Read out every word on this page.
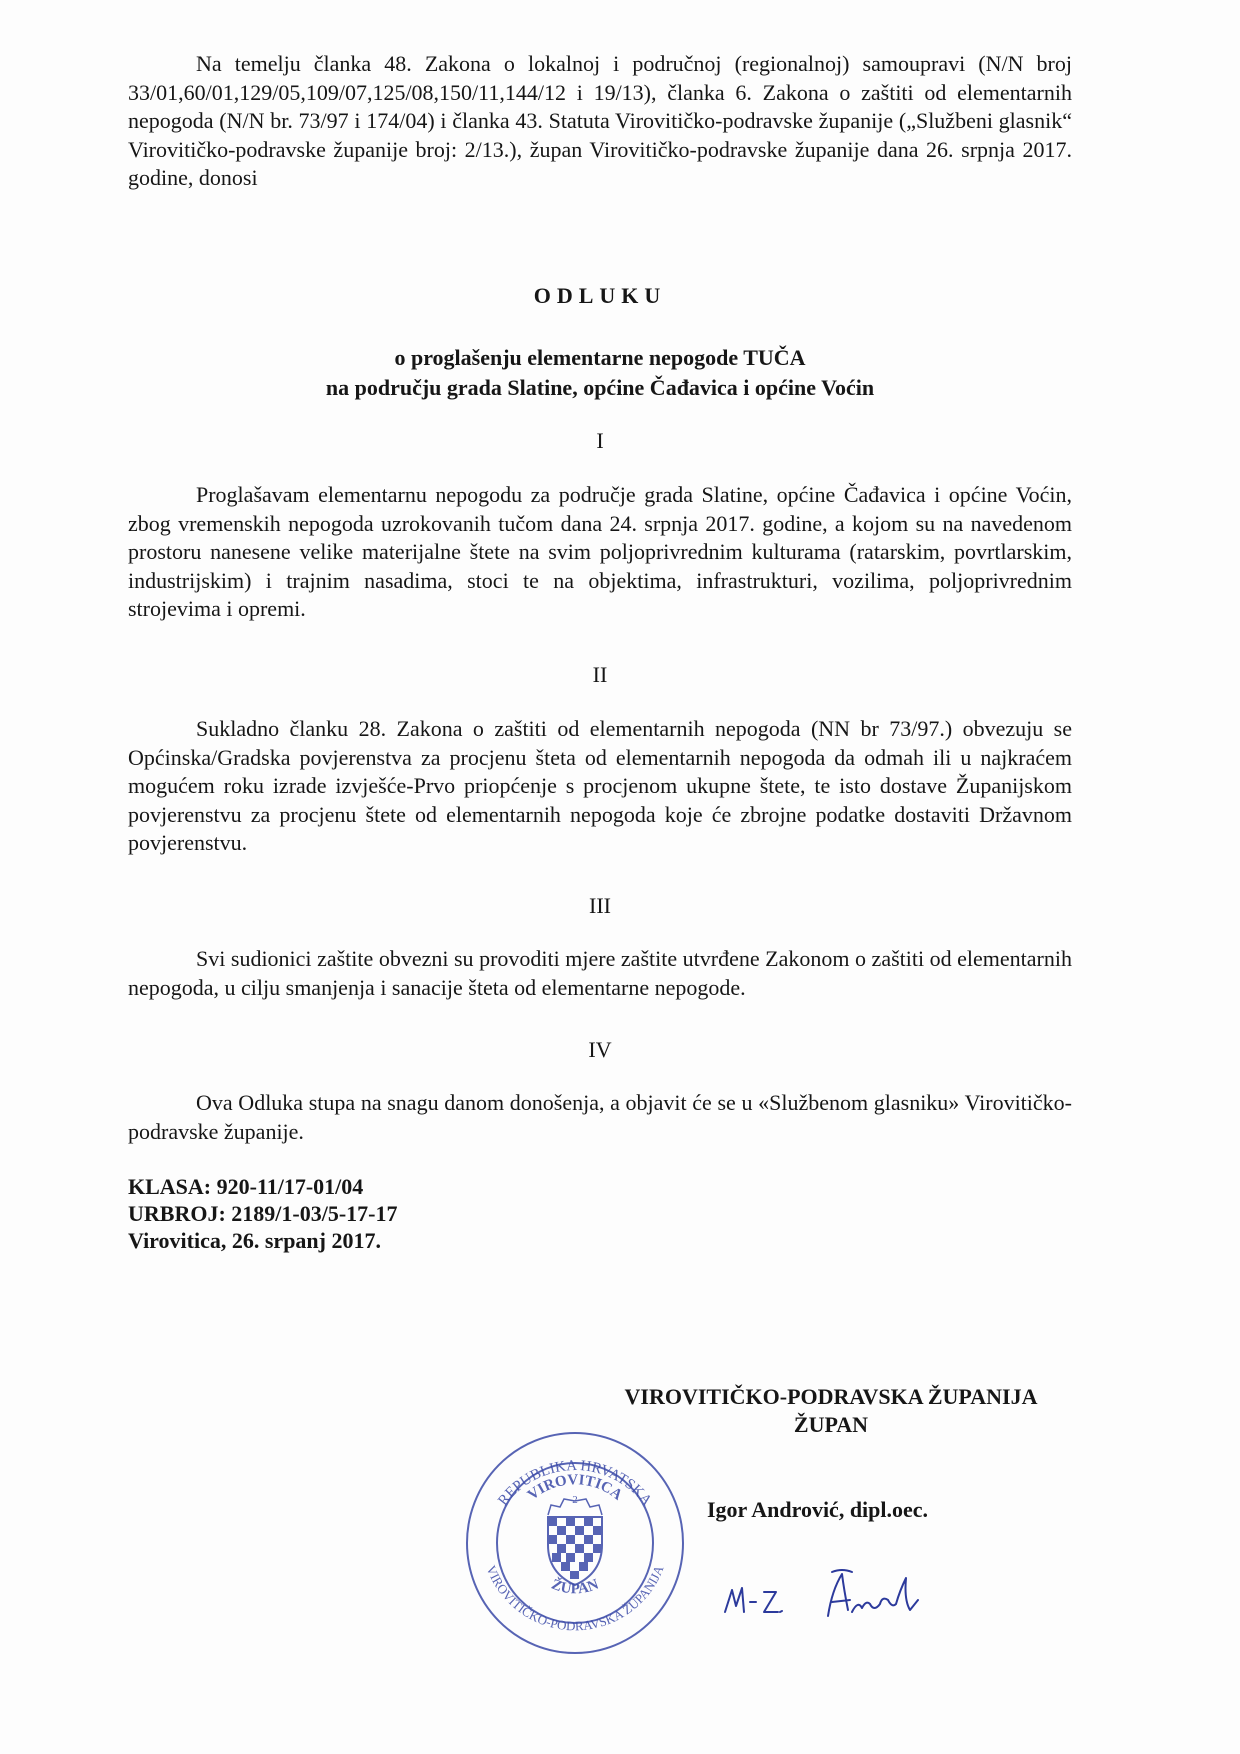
Na temelju članka 48. Zakona o lokalnoj i područnoj (regionalnoj) samoupravi (N/N broj 33/01,60/01,129/05,109/07,125/08,150/11,144/12 i 19/13), članka 6. Zakona o zaštiti od elementarnih nepogoda (N/N br. 73/97 i 174/04) i članka 43. Statuta Virovitičko-podravske županije („Službeni glasnik“ Virovitičko-podravske županije broj: 2/13.), župan Virovitičko-podravske županije dana 26. srpnja 2017. godine, donosi

ODLUKU
o proglašenju elementarne nepogode TUČA
na području grada Slatine, općine Čađavica i općine Voćin
I

Proglašavam elementarnu nepogodu za područje grada Slatine, općine Čađavica i općine Voćin, zbog vremenskih nepogoda uzrokovanih tučom dana 24. srpnja 2017. godine, a kojom su na navedenom prostoru nanesene velike materijalne štete na svim poljoprivrednim kulturama (ratarskim, povrtlarskim, industrijskim) i trajnim nasadima, stoci te na objektima, infrastrukturi, vozilima, poljoprivrednim strojevima i opremi.

II

Sukladno članku 28. Zakona o zaštiti od elementarnih nepogoda (NN br 73/97.) obvezuju se Općinska/Gradska povjerenstva za procjenu šteta od elementarnih nepogoda da odmah ili u najkraćem mogućem roku izrade izvješće-Prvo priopćenje s procjenom ukupne štete, te isto dostave Županijskom povjerenstvu za procjenu štete od elementarnih nepogoda koje će zbrojne podatke dostaviti Državnom povjerenstvu.

III

Svi sudionici zaštite obvezni su provoditi mjere zaštite utvrđene Zakonom o zaštiti od elementarnih nepogoda, u cilju smanjenja i sanacije šteta od elementarne nepogode.

IV

Ova Odluka stupa na snagu danom donošenja, a objavit će se u «Službenom glasniku» Virovitičko-podravske županije.

KLASA: 920-11/17-01/04
URBROJ: 2189/1-03/5-17-17
Virovitica, 26. srpanj 2017.
VIROVITIČKO-PODRAVSKA ŽUPANIJA
ŽUPAN
Igor Andrović, dipl.oec.
REPUBLIKA HRVATSKA
VIROVITIČKO-PODRAVSKA ŽUPANIJA
VIROVITICA
ŽUPAN
2
